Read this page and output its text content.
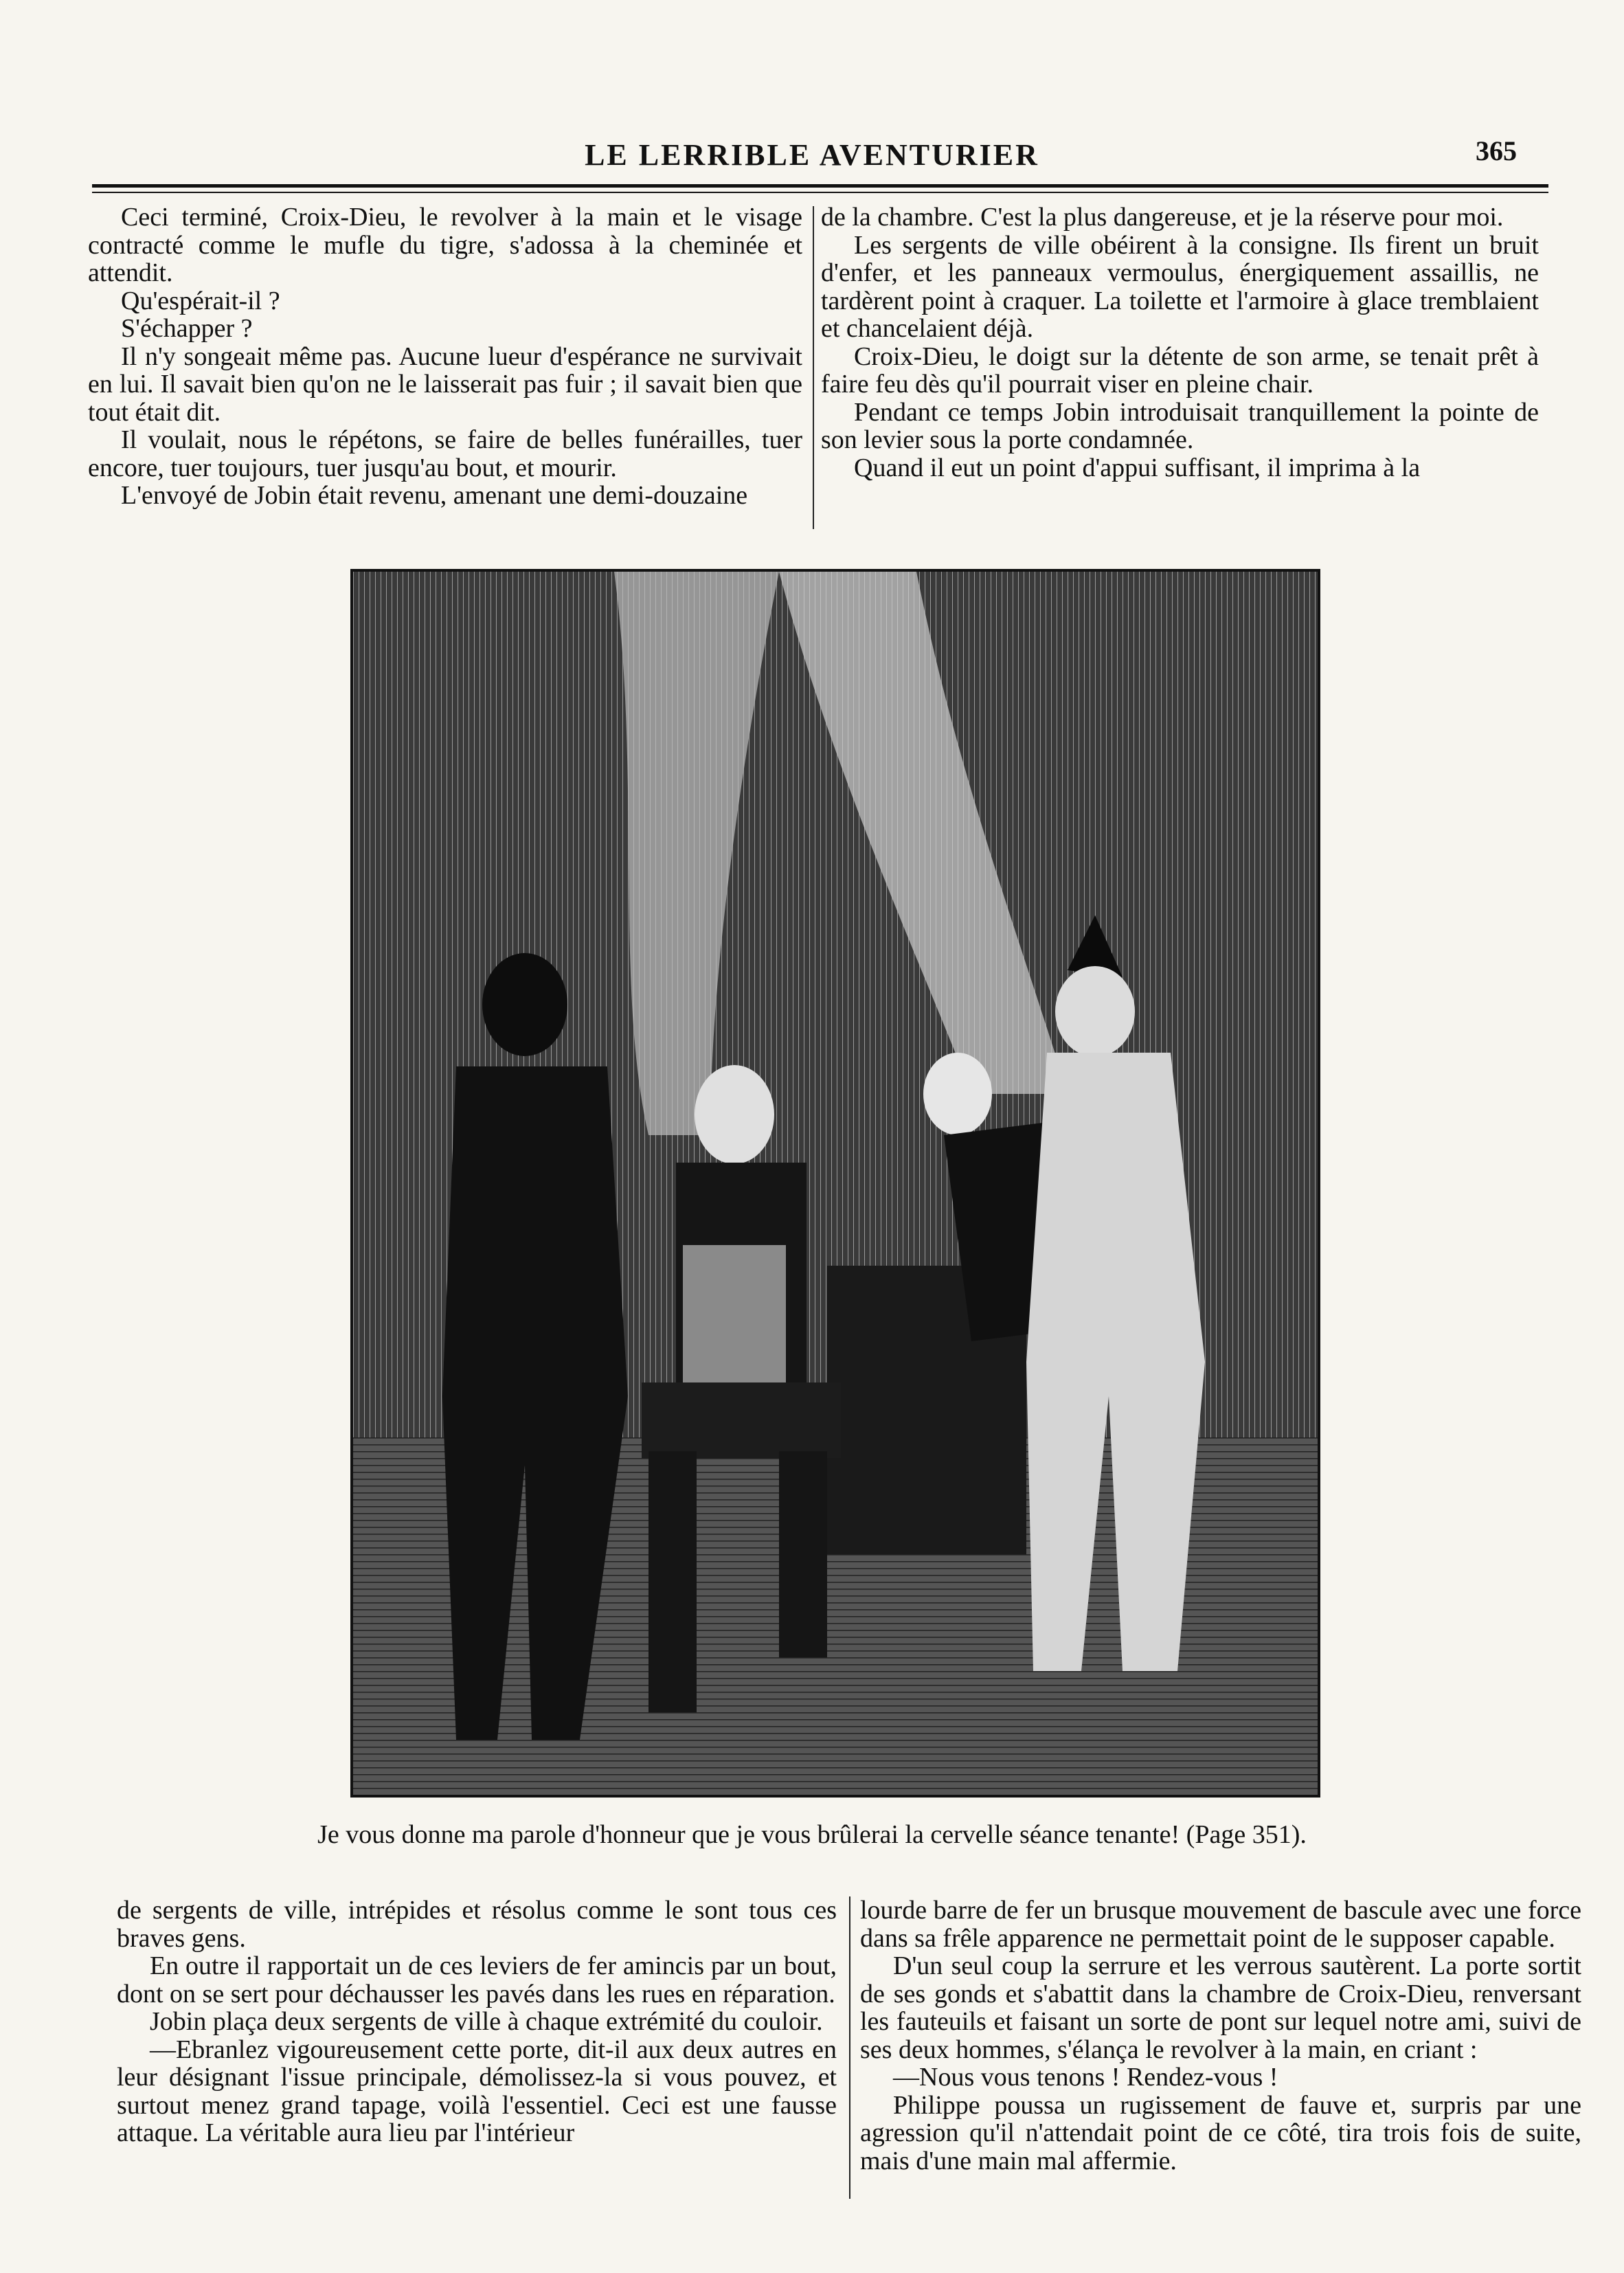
LE LERRIBLE AVENTURIER	365

Ceci terminé, Croix-Dieu, le revolver à la main et le visage contracté comme le mufle du tigre, s'adossa à la cheminée et attendit.

Qu'espérait-il ?

S'échapper ?

Il n'y songeait même pas. Aucune lueur d'espérance ne survivait en lui. Il savait bien qu'on ne le laisserait pas fuir ; il savait bien que tout était dit.

Il voulait, nous le répétons, se faire de belles funérailles, tuer encore, tuer toujours, tuer jusqu'au bout, et mourir.

L'envoyé de Jobin était revenu, amenant une demi-douzaine

de la chambre. C'est la plus dangereuse, et je la réserve pour moi.

Les sergents de ville obéirent à la consigne. Ils firent un bruit d'enfer, et les panneaux vermoulus, énergiquement assaillis, ne tardèrent point à craquer. La toilette et l'armoire à glace tremblaient et chancelaient déjà.

Croix-Dieu, le doigt sur la détente de son arme, se tenait prêt à faire feu dès qu'il pourrait viser en pleine chair.

Pendant ce temps Jobin introduisait tranquillement la pointe de son levier sous la porte condamnée.

Quand il eut un point d'appui suffisant, il imprima à la

Je vous donne ma parole d'honneur que je vous brûlerai la cervelle séance tenante! (Page 351).

de sergents de ville, intrépides et résolus comme le sont tous ces braves gens.

En outre il rapportait un de ces leviers de fer amincis par un bout, dont on se sert pour déchausser les pavés dans les rues en réparation.

Jobin plaça deux sergents de ville à chaque extrémité du couloir.

—Ebranlez vigoureusement cette porte, dit-il aux deux autres en leur désignant l'issue principale, démolissez-la si vous pouvez, et surtout menez grand tapage, voilà l'essentiel. Ceci est une fausse attaque. La véritable aura lieu par l'intérieur

lourde barre de fer un brusque mouvement de bascule avec une force dans sa frêle apparence ne permettait point de le supposer capable.

D'un seul coup la serrure et les verrous sautèrent. La porte sortit de ses gonds et s'abattit dans la chambre de Croix-Dieu, renversant les fauteuils et faisant un sorte de pont sur lequel notre ami, suivi de ses deux hommes, s'élança le revolver à la main, en criant :

—Nous vous tenons ! Rendez-vous !

Philippe poussa un rugissement de fauve et, surpris par une agression qu'il n'attendait point de ce côté, tira trois fois de suite, mais d'une main mal affermie.
